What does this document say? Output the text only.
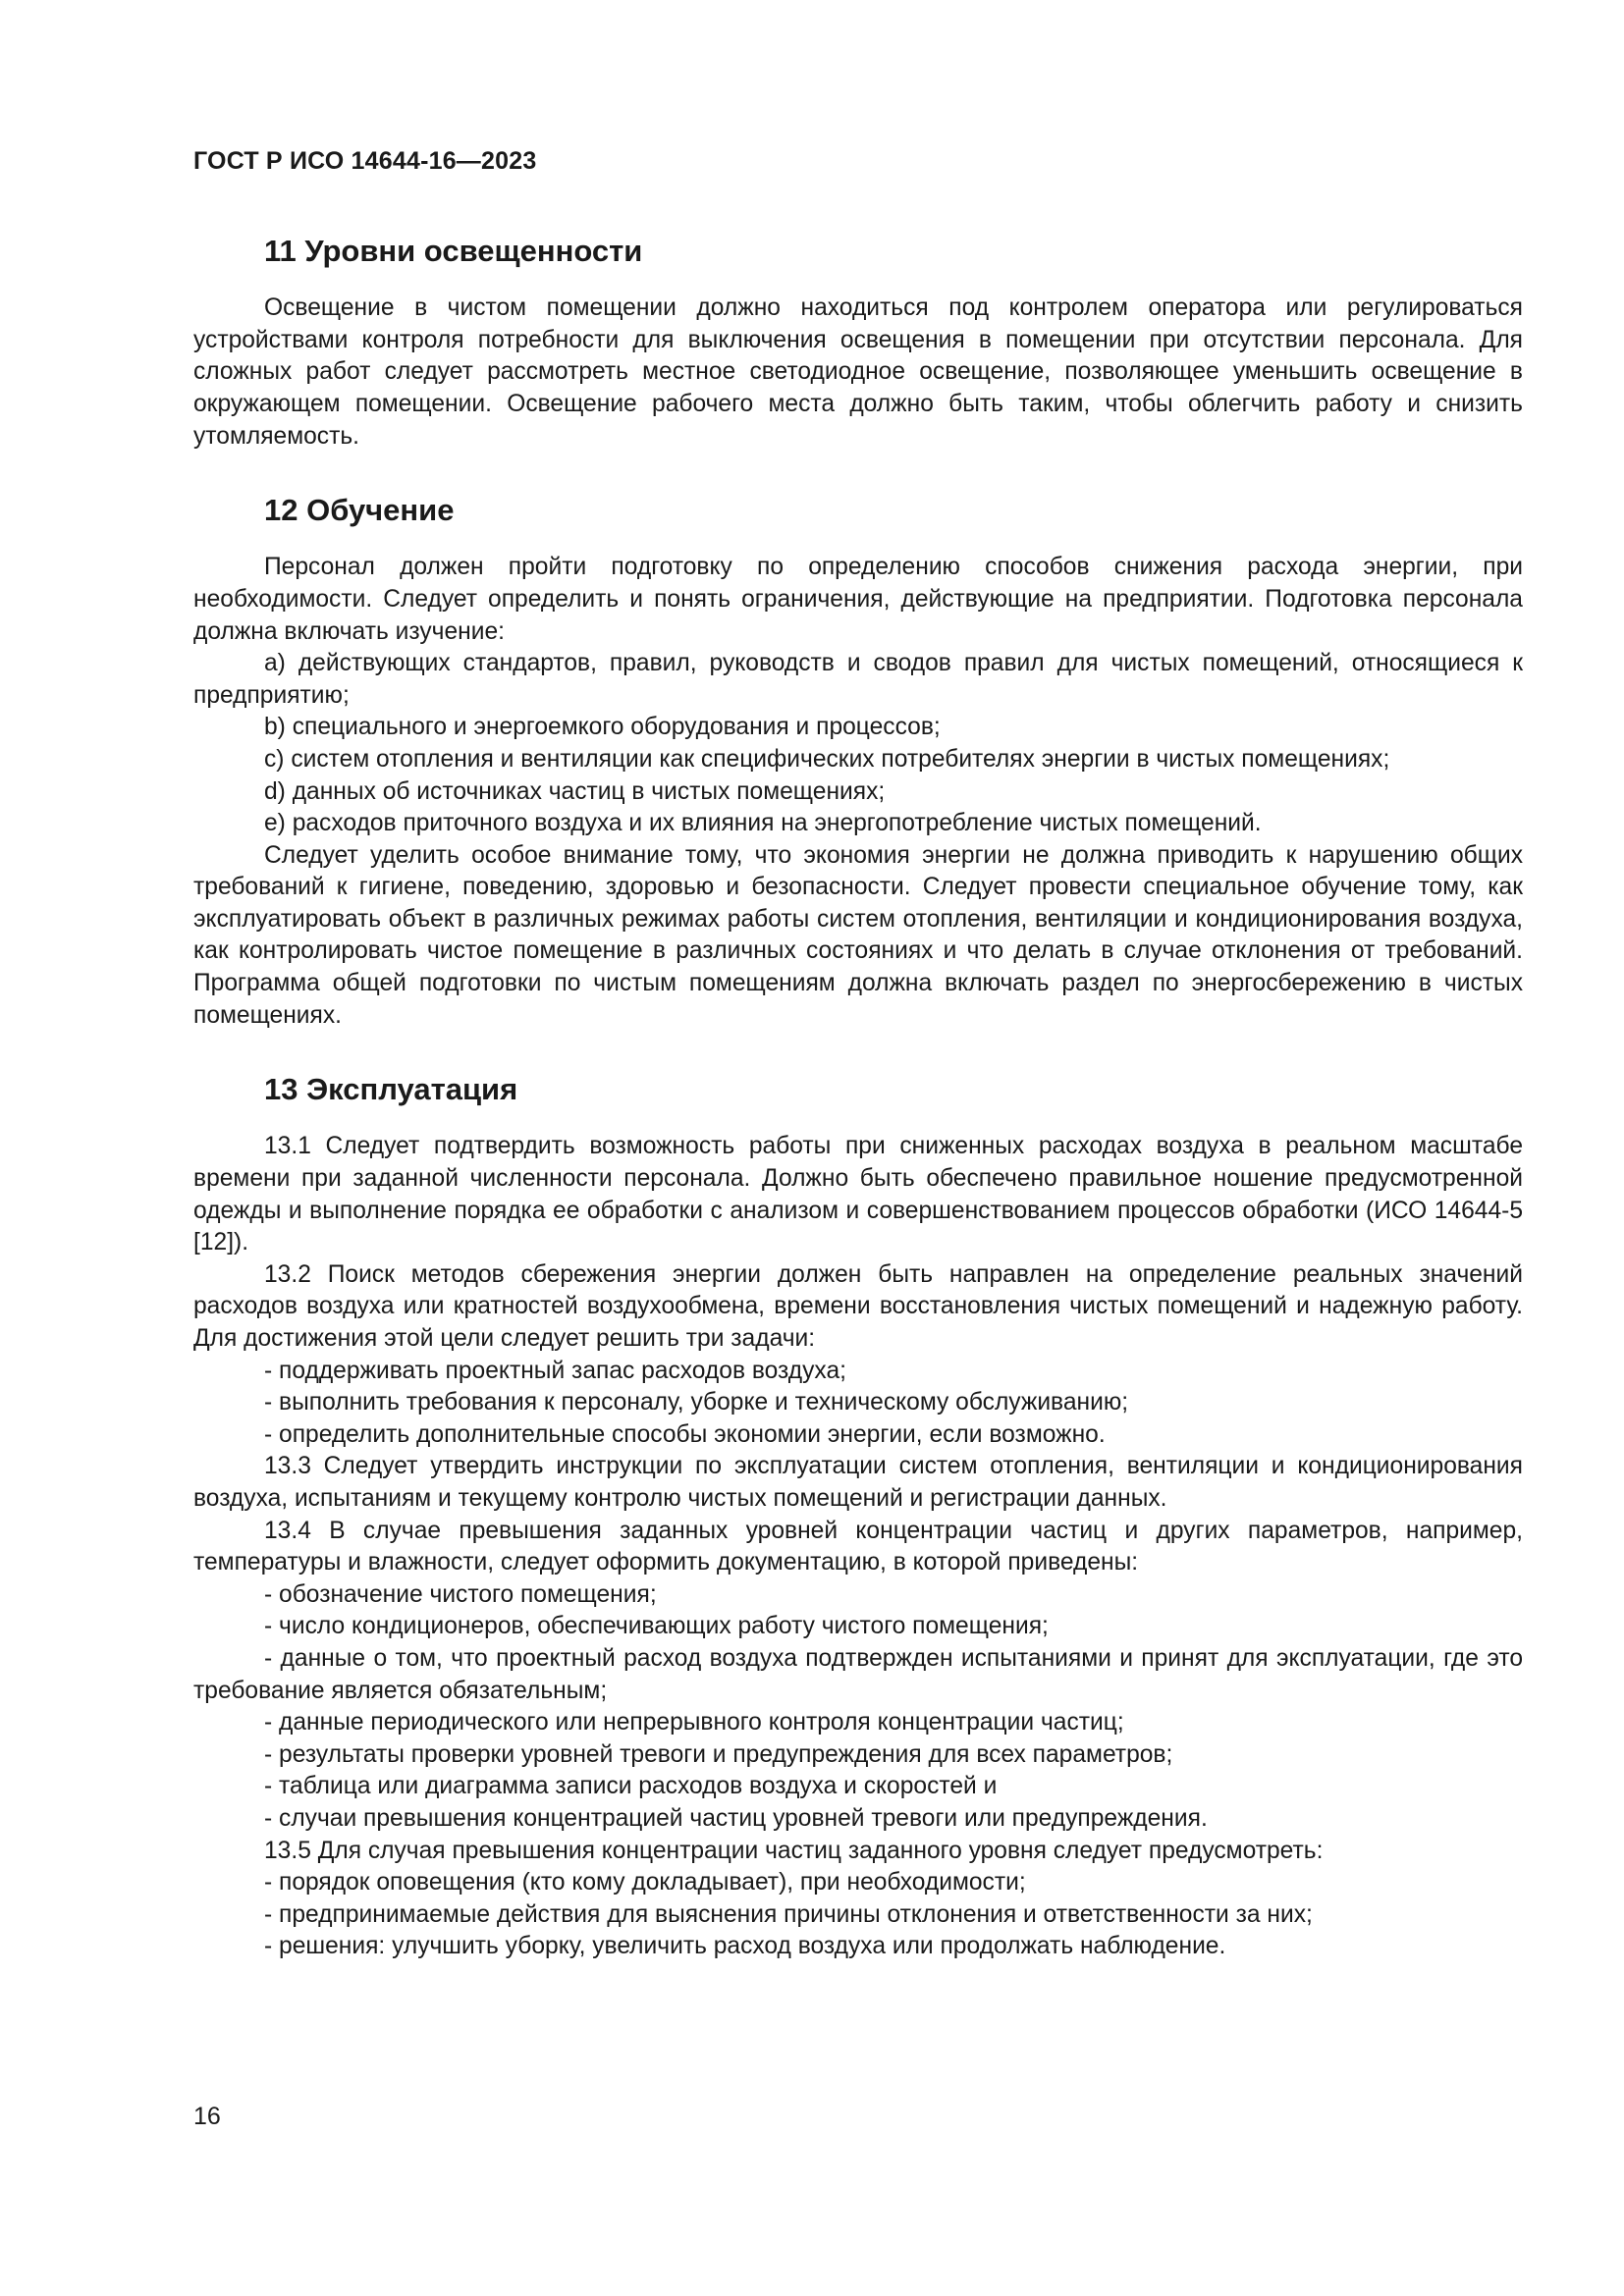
ГОСТ Р ИСО 14644-16—2023
11 Уровни освещенности

Освещение в чистом помещении должно находиться под контролем оператора или регулироваться устройствами контроля потребности для выключения освещения в помещении при отсутствии персонала. Для сложных работ следует рассмотреть местное светодиодное освещение, позволяющее уменьшить освещение в окружающем помещении. Освещение рабочего места должно быть таким, чтобы облегчить работу и снизить утомляемость.

12 Обучение

Персонал должен пройти подготовку по определению способов снижения расхода энергии, при необходимости. Следует определить и понять ограничения, действующие на предприятии. Подготовка персонала должна включать изучение:

a) действующих стандартов, правил, руководств и сводов правил для чистых помещений, относящиеся к предприятию;

b) специального и энергоемкого оборудования и процессов;

c) систем отопления и вентиляции как специфических потребителях энергии в чистых помещениях;

d) данных об источниках частиц в чистых помещениях;

e) расходов приточного воздуха и их влияния на энергопотребление чистых помещений.

Следует уделить особое внимание тому, что экономия энергии не должна приводить к нарушению общих требований к гигиене, поведению, здоровью и безопасности. Следует провести специальное обучение тому, как эксплуатировать объект в различных режимах работы систем отопления, вентиляции и кондиционирования воздуха, как контролировать чистое помещение в различных состояниях и что делать в случае отклонения от требований. Программа общей подготовки по чистым помещениям должна включать раздел по энергосбережению в чистых помещениях.

13 Эксплуатация

13.1 Следует подтвердить возможность работы при сниженных расходах воздуха в реальном масштабе времени при заданной численности персонала. Должно быть обеспечено правильное ношение предусмотренной одежды и выполнение порядка ее обработки с анализом и совершенствованием процессов обработки (ИСО 14644-5 [12]).

13.2 Поиск методов сбережения энергии должен быть направлен на определение реальных значений расходов воздуха или кратностей воздухообмена, времени восстановления чистых помещений и надежную работу. Для достижения этой цели следует решить три задачи:

- поддерживать проектный запас расходов воздуха;

- выполнить требования к персоналу, уборке и техническому обслуживанию;

- определить дополнительные способы экономии энергии, если возможно.

13.3 Следует утвердить инструкции по эксплуатации систем отопления, вентиляции и кондиционирования воздуха, испытаниям и текущему контролю чистых помещений и регистрации данных.

13.4 В случае превышения заданных уровней концентрации частиц и других параметров, например, температуры и влажности, следует оформить документацию, в которой приведены:

- обозначение чистого помещения;

- число кондиционеров, обеспечивающих работу чистого помещения;

- данные о том, что проектный расход воздуха подтвержден испытаниями и принят для эксплуатации, где это требование является обязательным;

- данные периодического или непрерывного контроля концентрации частиц;

- результаты проверки уровней тревоги и предупреждения для всех параметров;

- таблица или диаграмма записи расходов воздуха и скоростей и

- случаи превышения концентрацией частиц уровней тревоги или предупреждения.

13.5 Для случая превышения концентрации частиц заданного уровня следует предусмотреть:

- порядок оповещения (кто кому докладывает), при необходимости;

- предпринимаемые действия для выяснения причины отклонения и ответственности за них;

- решения: улучшить уборку, увеличить расход воздуха или продолжать наблюдение.

16
